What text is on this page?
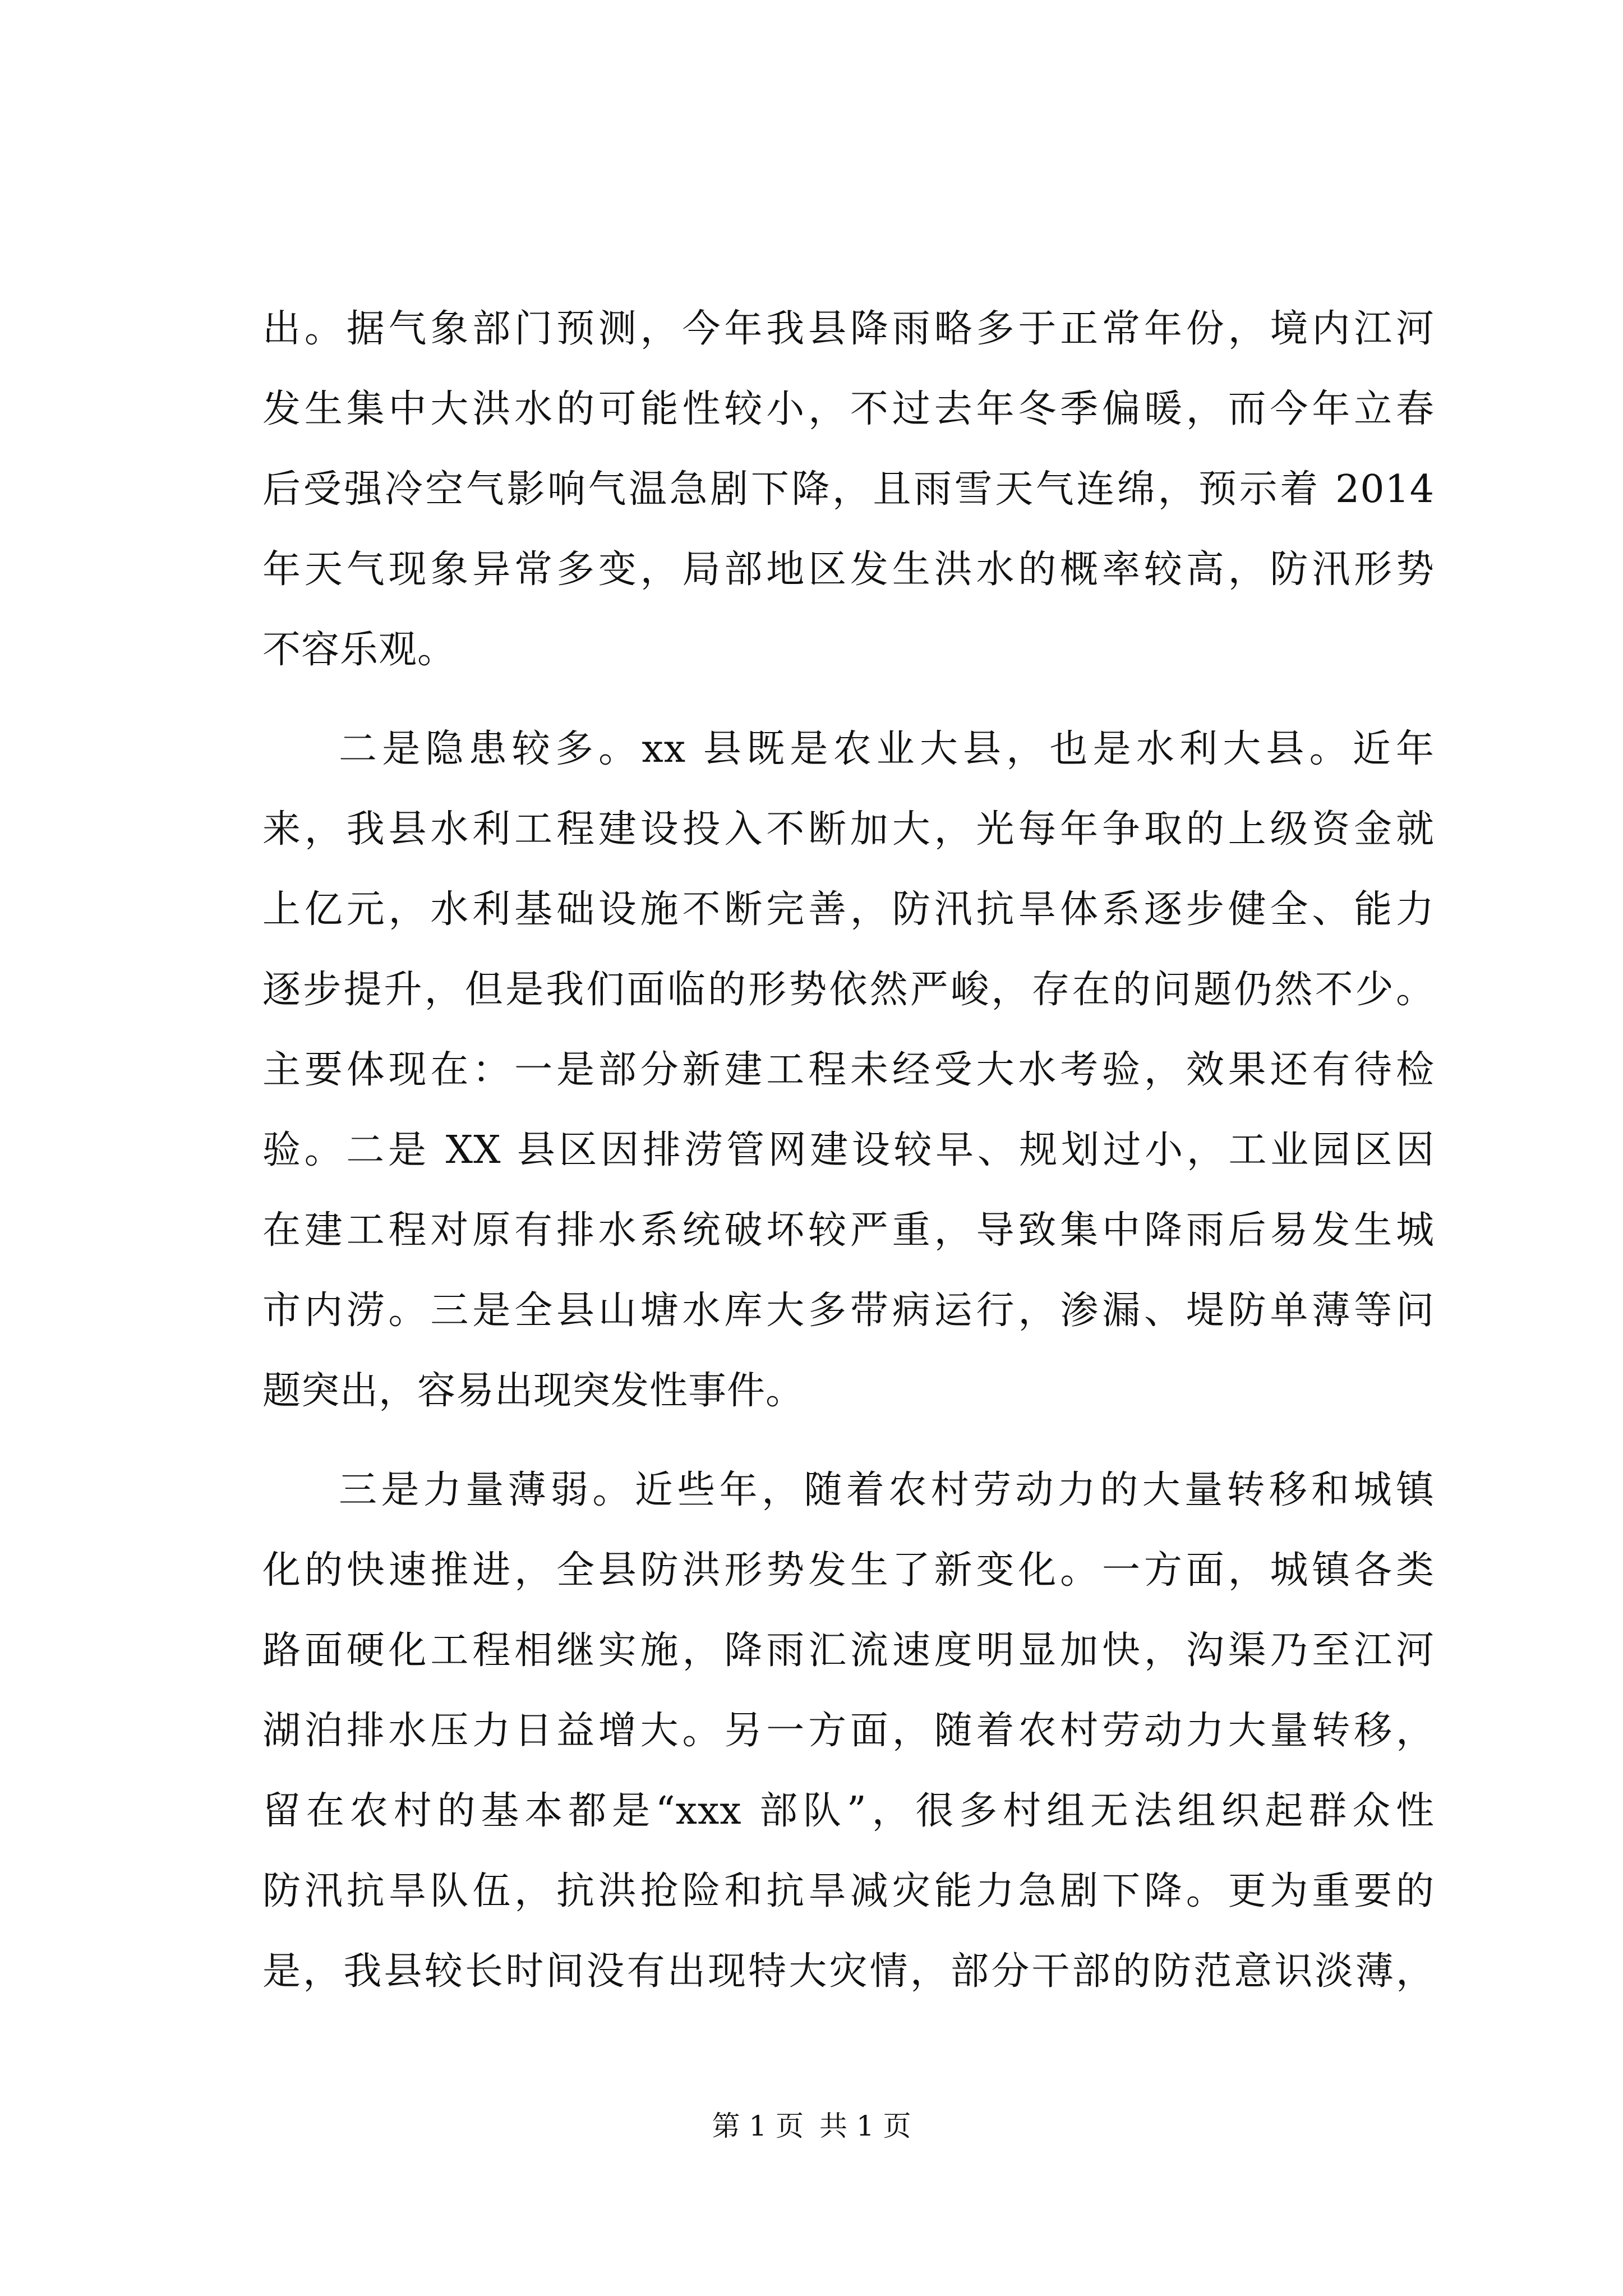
出。据气象部门预测，今年我县降雨略多于正常年份，境内江河
发生集中大洪水的可能性较小，不过去年冬季偏暖，而今年立春
后受强冷空气影响气温急剧下降，且雨雪天气连绵，预示着 2014
年天气现象异常多变，局部地区发生洪水的概率较高，防汛形势
不容乐观。
二是隐患较多。xx 县既是农业大县，也是水利大县。近年
来，我县水利工程建设投入不断加大，光每年争取的上级资金就
上亿元，水利基础设施不断完善，防汛抗旱体系逐步健全、能力
逐步提升，但是我们面临的形势依然严峻，存在的问题仍然不少。
主要体现在：一是部分新建工程未经受大水考验，效果还有待检
验。二是 XX 县区因排涝管网建设较早、规划过小，工业园区因
在建工程对原有排水系统破坏较严重，导致集中降雨后易发生城
市内涝。三是全县山塘水库大多带病运行，渗漏、堤防单薄等问
题突出，容易出现突发性事件。
三是力量薄弱。近些年，随着农村劳动力的大量转移和城镇
化的快速推进，全县防洪形势发生了新变化。一方面，城镇各类
路面硬化工程相继实施，降雨汇流速度明显加快，沟渠乃至江河
湖泊排水压力日益增大。另一方面，随着农村劳动力大量转移，
留在农村的基本都是“xxx 部队”，很多村组无法组织起群众性
防汛抗旱队伍，抗洪抢险和抗旱减灾能力急剧下降。更为重要的
是，我县较长时间没有出现特大灾情，部分干部的防范意识淡薄，
第 1 页 共 1 页
